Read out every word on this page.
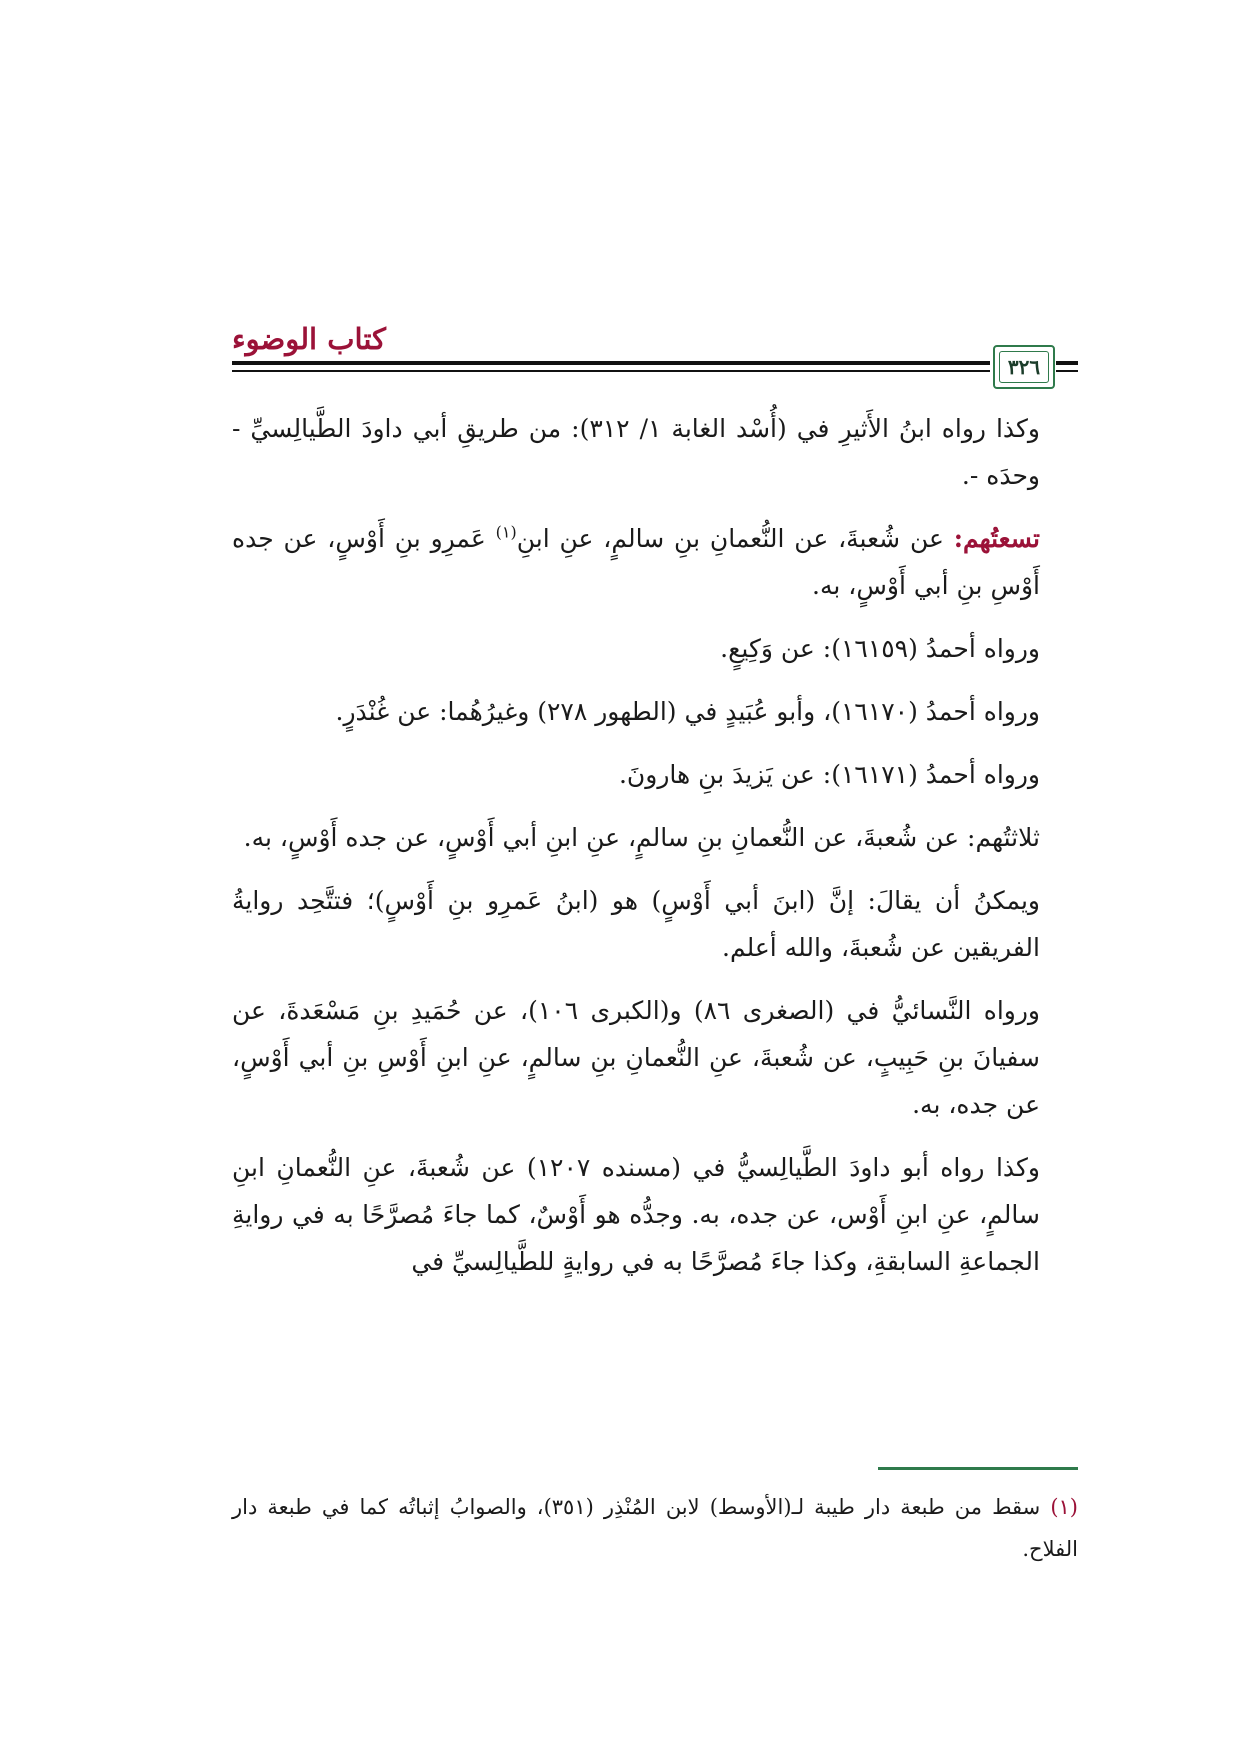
كتاب الوضوء
٣٢٦

وكذا رواه ابنُ الأَثيرِ في (أُسْد الغابة ١/ ٣١٢): من طريقِ أبي داودَ الطَّيالِسيِّ - وحدَه -.

تسعتُهم: عن شُعبةَ، عن النُّعمانِ بنِ سالمٍ، عنِ ابنِ$^{(١)}$ عَمرِو بنِ أَوْسٍ، عن جده أَوْسِ بنِ أبي أَوْسٍ، به.

ورواه أحمدُ (١٦١٥٩): عن وَكِيعٍ.

ورواه أحمدُ (١٦١٧٠)، وأبو عُبَيدٍ في (الطهور ٢٧٨) وغيرُهُما: عن غُنْدَرٍ.

ورواه أحمدُ (١٦١٧١): عن يَزيدَ بنِ هارونَ.

ثلاثتُهم: عن شُعبةَ، عن النُّعمانِ بنِ سالمٍ، عنِ ابنِ أبي أَوْسٍ، عن جده أَوْسٍ، به.

ويمكنُ أن يقالَ: إنَّ (ابنَ أبي أَوْسٍ) هو (ابنُ عَمرِو بنِ أَوْسٍ)؛ فتتَّحِد روايةُ الفريقين عن شُعبةَ، والله أعلم.

ورواه النَّسائيُّ في (الصغرى ٨٦) و(الكبرى ١٠٦)، عن حُمَيدِ بنِ مَسْعَدةَ، عن سفيانَ بنِ حَبِيبٍ، عن شُعبةَ، عنِ النُّعمانِ بنِ سالمٍ، عنِ ابنِ أَوْسِ بنِ أبي أَوْسٍ، عن جده، به.

وكذا رواه أبو داودَ الطَّيالِسيُّ في (مسنده ١٢٠٧) عن شُعبةَ، عنِ النُّعمانِ ابنِ سالمٍ، عنِ ابنِ أَوْس، عن جده، به. وجدُّه هو أَوْسٌ، كما جاءَ مُصرَّحًا به في روايةِ الجماعةِ السابقةِ، وكذا جاءَ مُصرَّحًا به في روايةٍ للطَّيالِسيِّ في

(١) سقط من طبعة دار طيبة لـ(الأوسط) لابن المُنْذِر (٣٥١)، والصوابُ إثباتُه كما في طبعة دار الفلاح.
